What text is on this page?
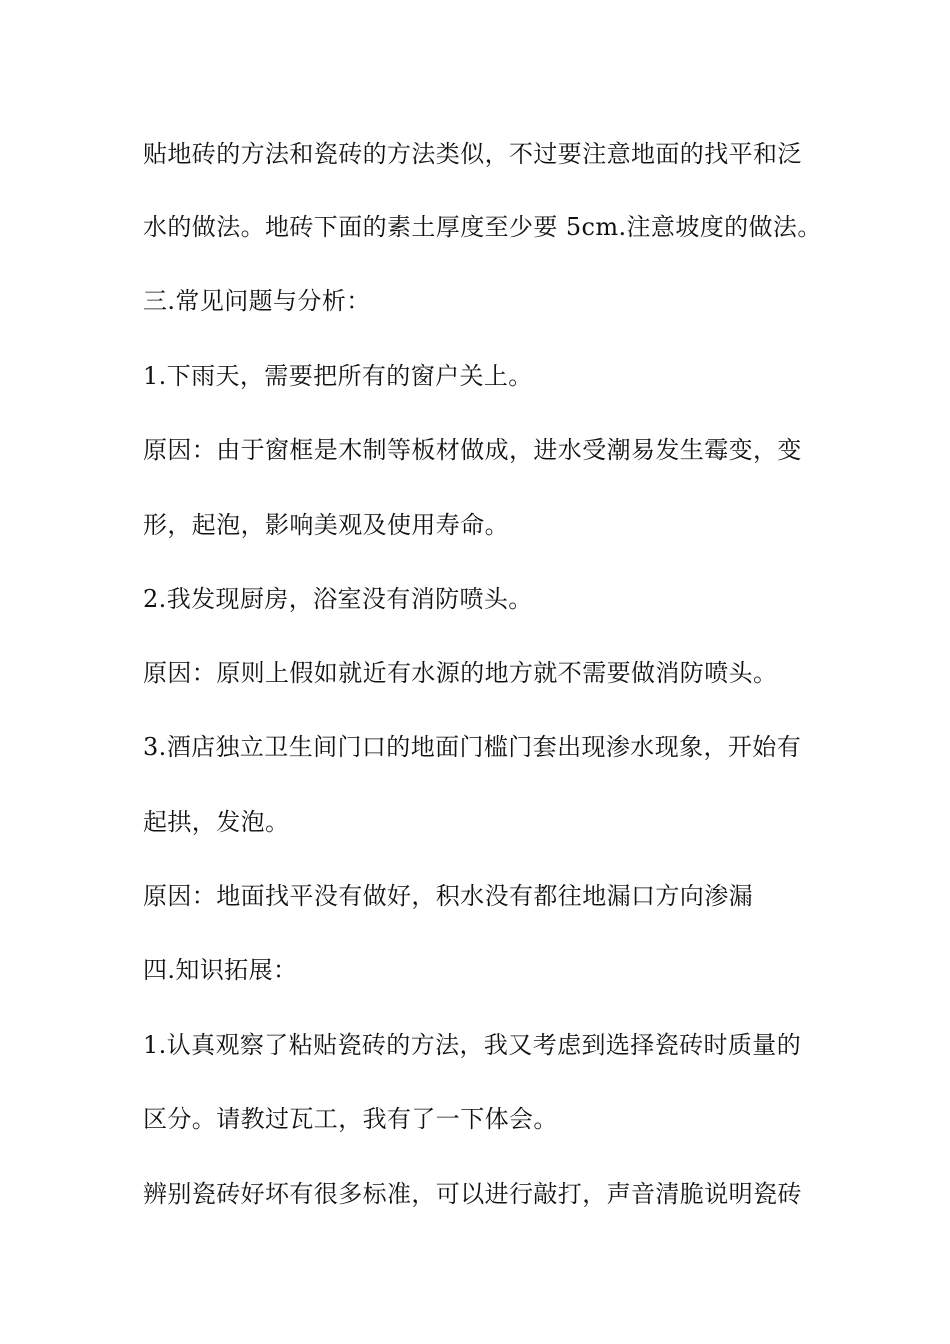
贴地砖的方法和瓷砖的方法类似，不过要注意地面的找平和泛
水的做法。地砖下面的素土厚度至少要 5cm.注意坡度的做法。
三.常见问题与分析：
1.下雨天，需要把所有的窗户关上。
原因：由于窗框是木制等板材做成，进水受潮易发生霉变，变
形，起泡，影响美观及使用寿命。
2.我发现厨房，浴室没有消防喷头。
原因：原则上假如就近有水源的地方就不需要做消防喷头。
3.酒店独立卫生间门口的地面门槛门套出现渗水现象，开始有
起拱，发泡。
原因：地面找平没有做好，积水没有都往地漏口方向渗漏
四.知识拓展：
1.认真观察了粘贴瓷砖的方法，我又考虑到选择瓷砖时质量的
区分。请教过瓦工，我有了一下体会。
辨别瓷砖好坏有很多标准，可以进行敲打，声音清脆说明瓷砖
